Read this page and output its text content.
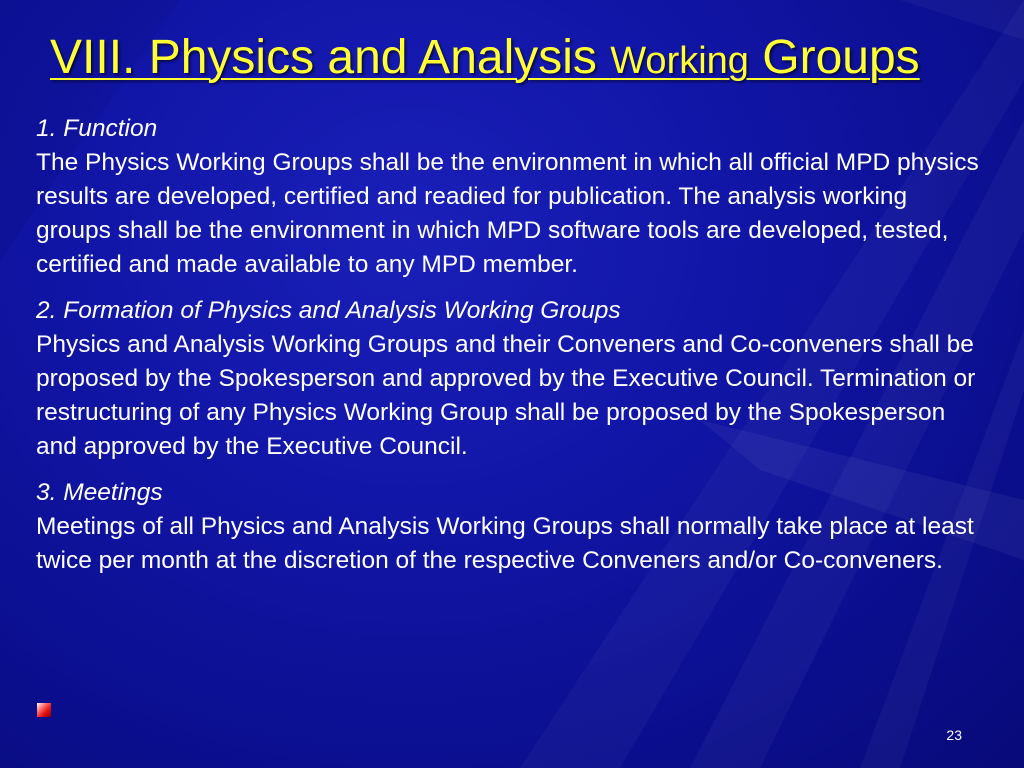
VIII. Physics and Analysis Working Groups
1. Function
The Physics Working Groups shall be the environment in which all official MPD physics results are developed, certified and readied for publication. The analysis working groups shall be the environment in which MPD software tools are developed, tested, certified and made available to any MPD member.
2. Formation of Physics and Analysis Working Groups
Physics and Analysis Working Groups and their Conveners and Co-conveners shall be proposed by the Spokesperson and approved by the Executive Council. Termination or restructuring of any Physics Working Group shall be proposed by the Spokesperson and approved by the Executive Council.
3. Meetings
Meetings of all Physics and Analysis Working Groups shall normally take place at least twice per month at the discretion of the respective Conveners and/or Co-conveners.
23
